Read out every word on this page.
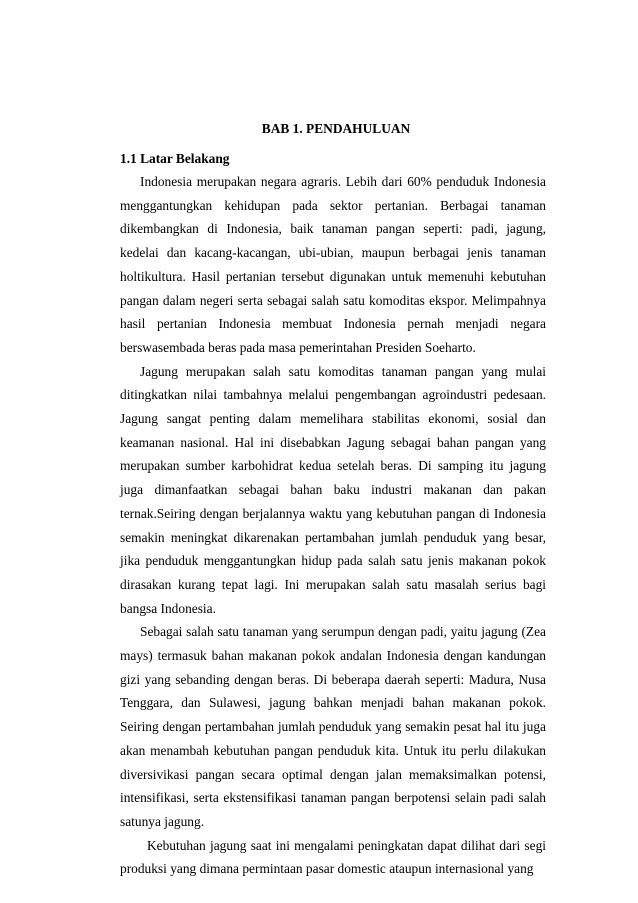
BAB 1. PENDAHULUAN
1.1 Latar Belakang

Indonesia merupakan negara agraris. Lebih dari 60% penduduk Indonesia menggantungkan kehidupan pada sektor pertanian. Berbagai tanaman dikembangkan di Indonesia, baik tanaman pangan seperti: padi, jagung, kedelai dan kacang-kacangan, ubi-ubian, maupun berbagai jenis tanaman holtikultura. Hasil pertanian tersebut digunakan untuk memenuhi kebutuhan pangan dalam negeri serta sebagai salah satu komoditas ekspor. Melimpahnya hasil pertanian Indonesia membuat Indonesia pernah menjadi negara berswasembada beras pada masa pemerintahan Presiden Soeharto.

Jagung merupakan salah satu komoditas tanaman pangan yang mulai ditingkatkan nilai tambahnya melalui pengembangan agroindustri pedesaan. Jagung sangat penting dalam memelihara stabilitas ekonomi, sosial dan keamanan nasional. Hal ini disebabkan Jagung sebagai bahan pangan yang merupakan sumber karbohidrat kedua setelah beras. Di samping itu jagung juga dimanfaatkan sebagai bahan baku industri makanan dan pakan ternak.Seiring dengan berjalannya waktu yang kebutuhan pangan di Indonesia semakin meningkat dikarenakan pertambahan jumlah penduduk yang besar, jika penduduk menggantungkan hidup pada salah satu jenis makanan pokok dirasakan kurang tepat lagi. Ini merupakan salah satu masalah serius bagi bangsa Indonesia.

Sebagai salah satu tanaman yang serumpun dengan padi, yaitu jagung (Zea mays) termasuk bahan makanan pokok andalan Indonesia dengan kandungan gizi yang sebanding dengan beras. Di beberapa daerah seperti: Madura, Nusa Tenggara, dan Sulawesi, jagung bahkan menjadi bahan makanan pokok. Seiring dengan pertambahan jumlah penduduk yang semakin pesat hal itu juga akan menambah kebutuhan pangan penduduk kita. Untuk itu perlu dilakukan diversivikasi pangan secara optimal dengan jalan memaksimalkan potensi, intensifikasi, serta ekstensifikasi tanaman pangan berpotensi selain padi salah satunya jagung.

Kebutuhan jagung saat ini mengalami peningkatan dapat dilihat dari segi produksi yang dimana permintaan pasar domestic ataupun internasional yang
